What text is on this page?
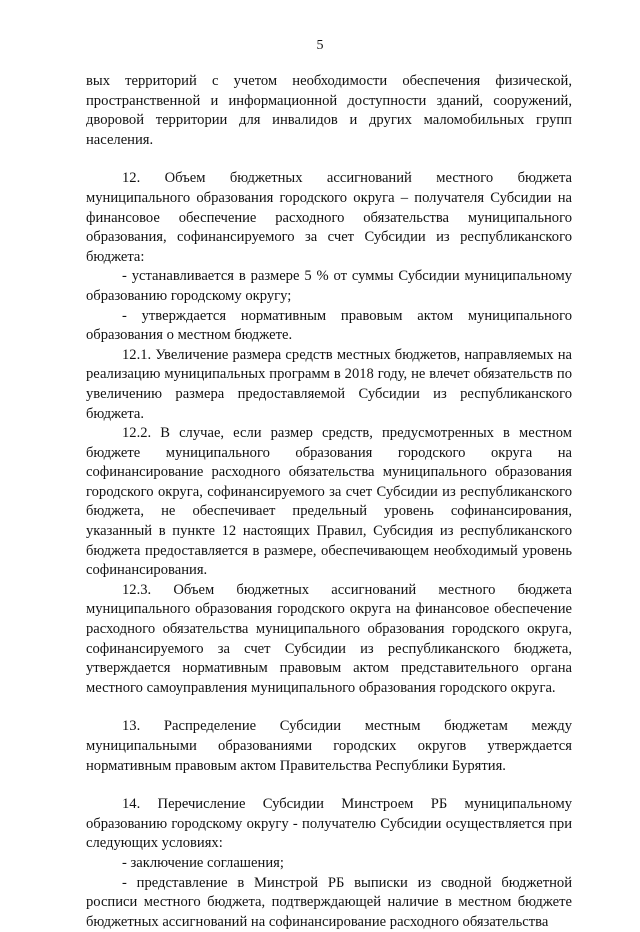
5

вых территорий с учетом необходимости обеспечения физической, пространственной и информационной доступности зданий, сооружений, дворовой территории для инвалидов и других маломобильных групп населения.

12. Объем бюджетных ассигнований местного бюджета муниципального образования городского округа – получателя Субсидии на финансовое обеспечение расходного обязательства муниципального образования, софинансируемого за счет Субсидии из республиканского бюджета:

- устанавливается в размере 5 % от суммы Субсидии муниципальному образованию городскому округу;

- утверждается нормативным правовым актом муниципального образования о местном бюджете.

12.1. Увеличение размера средств местных бюджетов, направляемых на реализацию муниципальных программ в 2018 году, не влечет обязательств по увеличению размера предоставляемой Субсидии из республиканского бюджета.

12.2. В случае, если размер средств, предусмотренных в местном бюджете муниципального образования городского округа на софинансирование расходного обязательства муниципального образования городского округа, софинансируемого за счет Субсидии из республиканского бюджета, не обеспечивает предельный уровень софинансирования, указанный в пункте 12 настоящих Правил, Субсидия из республиканского бюджета предоставляется в размере, обеспечивающем необходимый уровень софинансирования.

12.3. Объем бюджетных ассигнований местного бюджета муниципального образования городского округа на финансовое обеспечение расходного обязательства муниципального образования городского округа, софинансируемого за счет Субсидии из республиканского бюджета, утверждается нормативным правовым актом представительного органа местного самоуправления муниципального образования городского округа.

13. Распределение Субсидии местным бюджетам между муниципальными образованиями городских округов утверждается нормативным правовым актом Правительства Республики Бурятия.

14. Перечисление Субсидии Минстроем РБ муниципальному образованию городскому округу - получателю Субсидии осуществляется при следующих условиях:

- заключение соглашения;

- представление в Минстрой РБ выписки из сводной бюджетной росписи местного бюджета, подтверждающей наличие в местном бюджете бюджетных ассигнований на софинансирование расходного обязательства
